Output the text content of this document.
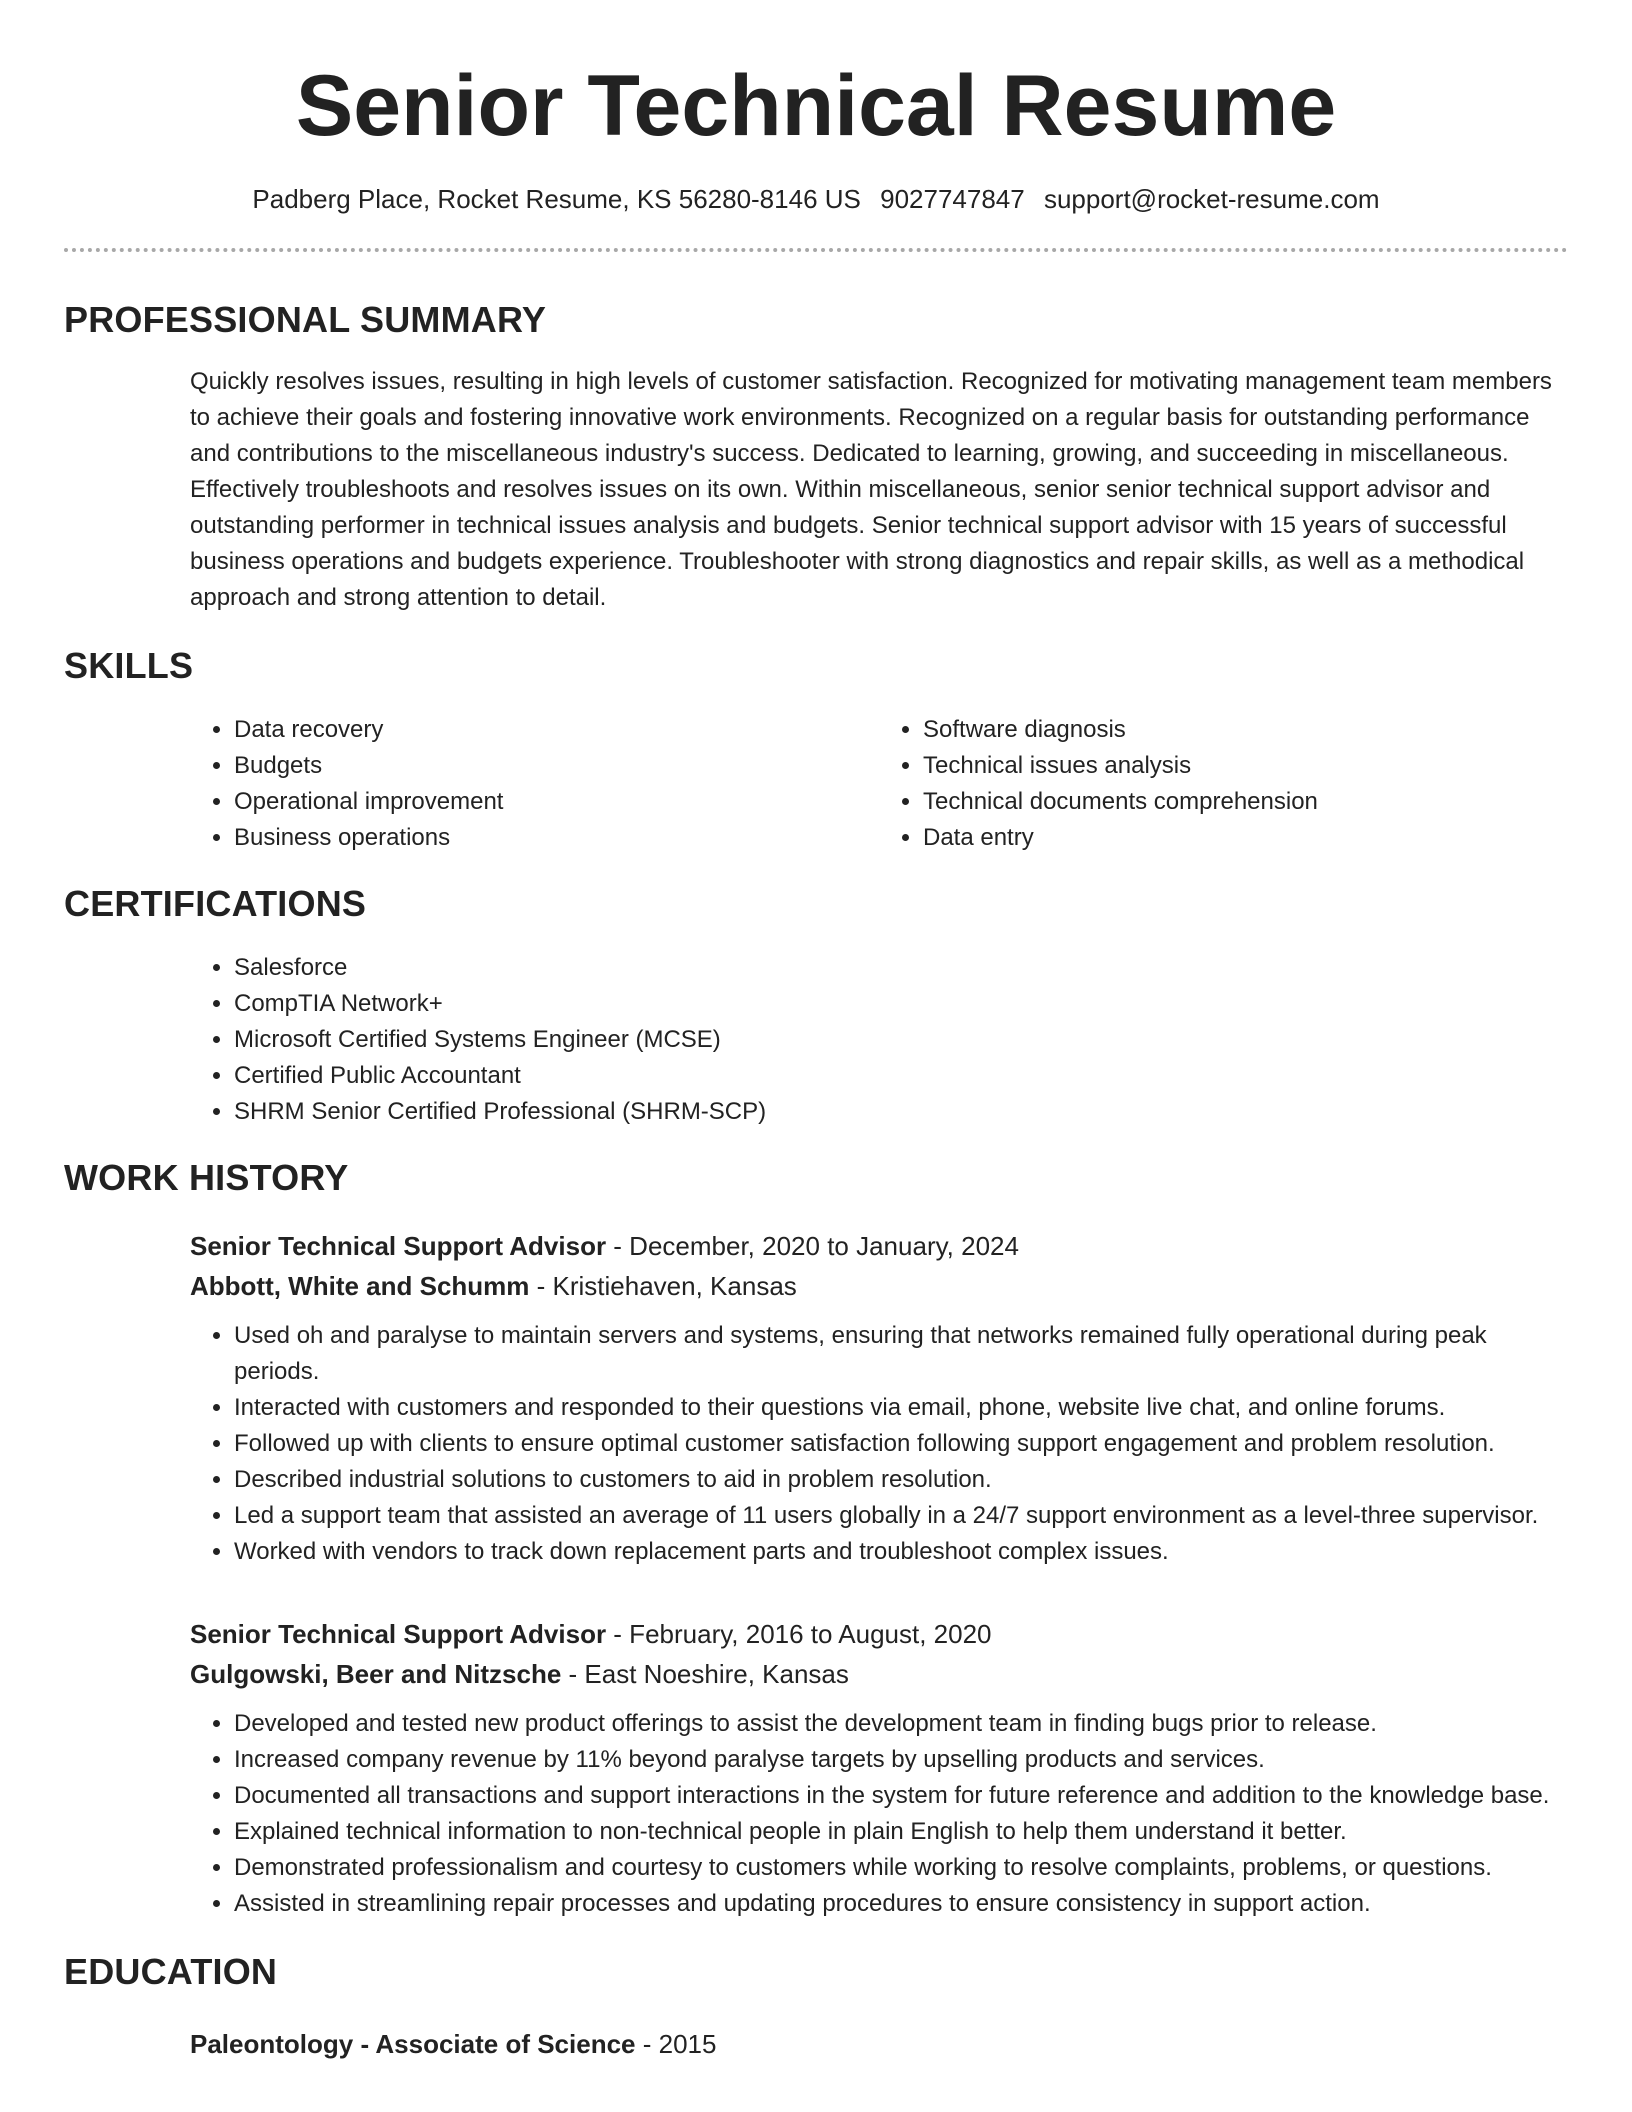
Senior Technical Resume
Padberg Place, Rocket Resume, KS 56280-8146 US 9027747847 support@rocket-resume.com
PROFESSIONAL SUMMARY
Quickly resolves issues, resulting in high levels of customer satisfaction. Recognized for motivating management team members to achieve their goals and fostering innovative work environments. Recognized on a regular basis for outstanding performance and contributions to the miscellaneous industry's success. Dedicated to learning, growing, and succeeding in miscellaneous. Effectively troubleshoots and resolves issues on its own. Within miscellaneous, senior senior technical support advisor and outstanding performer in technical issues analysis and budgets. Senior technical support advisor with 15 years of successful business operations and budgets experience. Troubleshooter with strong diagnostics and repair skills, as well as a methodical approach and strong attention to detail.
SKILLS
• Data recovery
• Budgets
• Operational improvement
• Business operations
• Software diagnosis
• Technical issues analysis
• Technical documents comprehension
• Data entry
CERTIFICATIONS
• Salesforce
• CompTIA Network+
• Microsoft Certified Systems Engineer (MCSE)
• Certified Public Accountant
• SHRM Senior Certified Professional (SHRM-SCP)
WORK HISTORY
Senior Technical Support Advisor - December, 2020 to January, 2024
Abbott, White and Schumm - Kristiehaven, Kansas
• Used oh and paralyse to maintain servers and systems, ensuring that networks remained fully operational during peak periods.
• Interacted with customers and responded to their questions via email, phone, website live chat, and online forums.
• Followed up with clients to ensure optimal customer satisfaction following support engagement and problem resolution.
• Described industrial solutions to customers to aid in problem resolution.
• Led a support team that assisted an average of 11 users globally in a 24/7 support environment as a level-three supervisor.
• Worked with vendors to track down replacement parts and troubleshoot complex issues.
Senior Technical Support Advisor - February, 2016 to August, 2020
Gulgowski, Beer and Nitzsche - East Noeshire, Kansas
• Developed and tested new product offerings to assist the development team in finding bugs prior to release.
• Increased company revenue by 11% beyond paralyse targets by upselling products and services.
• Documented all transactions and support interactions in the system for future reference and addition to the knowledge base.
• Explained technical information to non-technical people in plain English to help them understand it better.
• Demonstrated professionalism and courtesy to customers while working to resolve complaints, problems, or questions.
• Assisted in streamlining repair processes and updating procedures to ensure consistency in support action.
EDUCATION
Paleontology - Associate of Science - 2015
